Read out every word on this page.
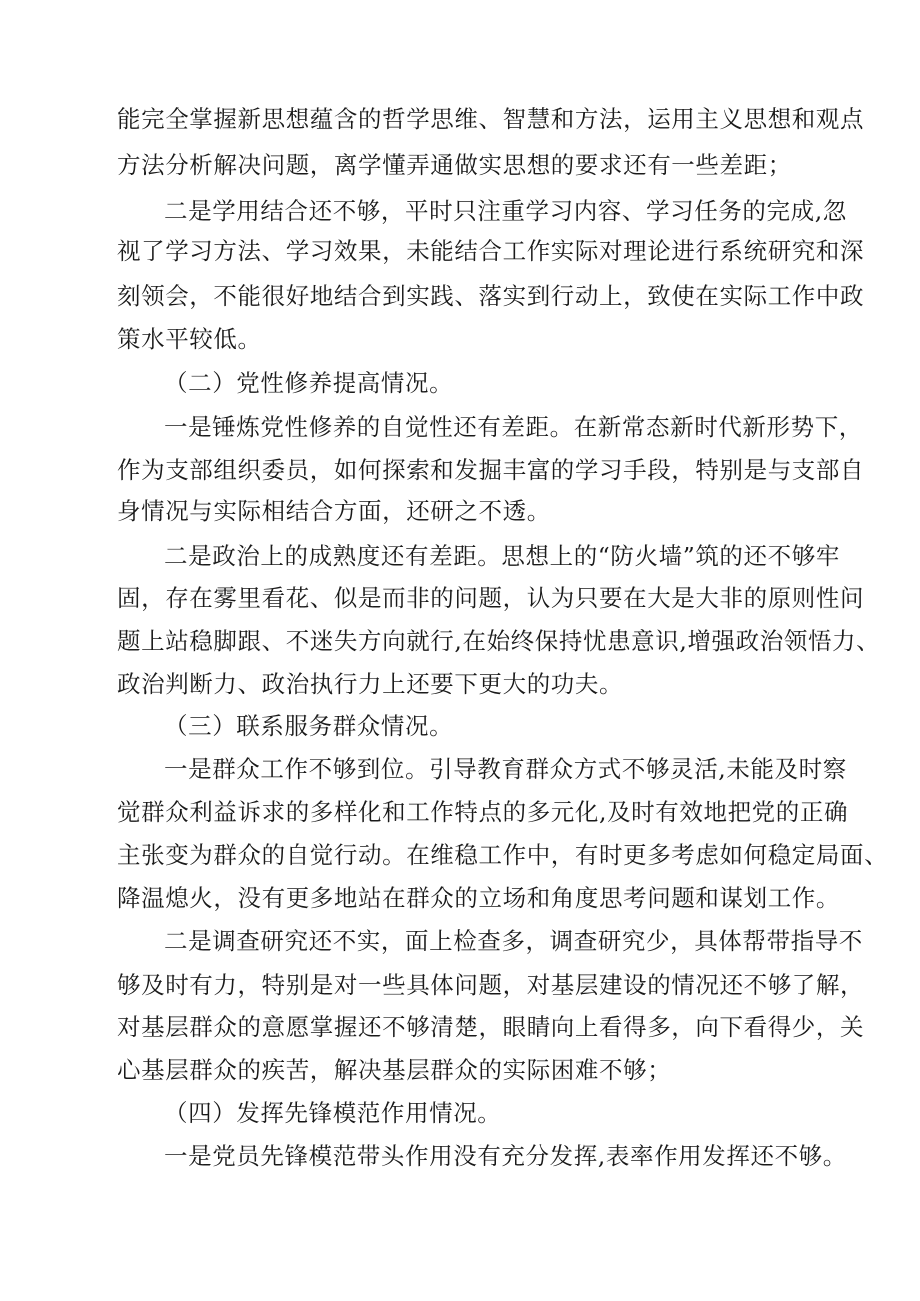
能完全掌握新思想蕴含的哲学思维、智慧和方法，运用主义思想和观点
方法分析解决问题，离学懂弄通做实思想的要求还有一些差距；
二是学用结合还不够，平时只注重学习内容、学习任务的完成,忽
视了学习方法、学习效果，未能结合工作实际对理论进行系统研究和深
刻领会，不能很好地结合到实践、落实到行动上，致使在实际工作中政
策水平较低。
（二）党性修养提高情况。
一是锤炼党性修养的自觉性还有差距。在新常态新时代新形势下，
作为支部组织委员，如何探索和发掘丰富的学习手段，特别是与支部自
身情况与实际相结合方面，还研之不透。
二是政治上的成熟度还有差距。思想上的“防火墙”筑的还不够牢
固，存在雾里看花、似是而非的问题，认为只要在大是大非的原则性问
题上站稳脚跟、不迷失方向就行,在始终保持忧患意识,增强政治领悟力、
政治判断力、政治执行力上还要下更大的功夫。
（三）联系服务群众情况。
一是群众工作不够到位。引导教育群众方式不够灵活,未能及时察
觉群众利益诉求的多样化和工作特点的多元化,及时有效地把党的正确
主张变为群众的自觉行动。在维稳工作中，有时更多考虑如何稳定局面、
降温熄火，没有更多地站在群众的立场和角度思考问题和谋划工作。
二是调查研究还不实，面上检查多，调查研究少，具体帮带指导不
够及时有力，特别是对一些具体问题，对基层建设的情况还不够了解，
对基层群众的意愿掌握还不够清楚，眼睛向上看得多，向下看得少，关
心基层群众的疾苦，解决基层群众的实际困难不够；
（四）发挥先锋模范作用情况。
一是党员先锋模范带头作用没有充分发挥,表率作用发挥还不够。
